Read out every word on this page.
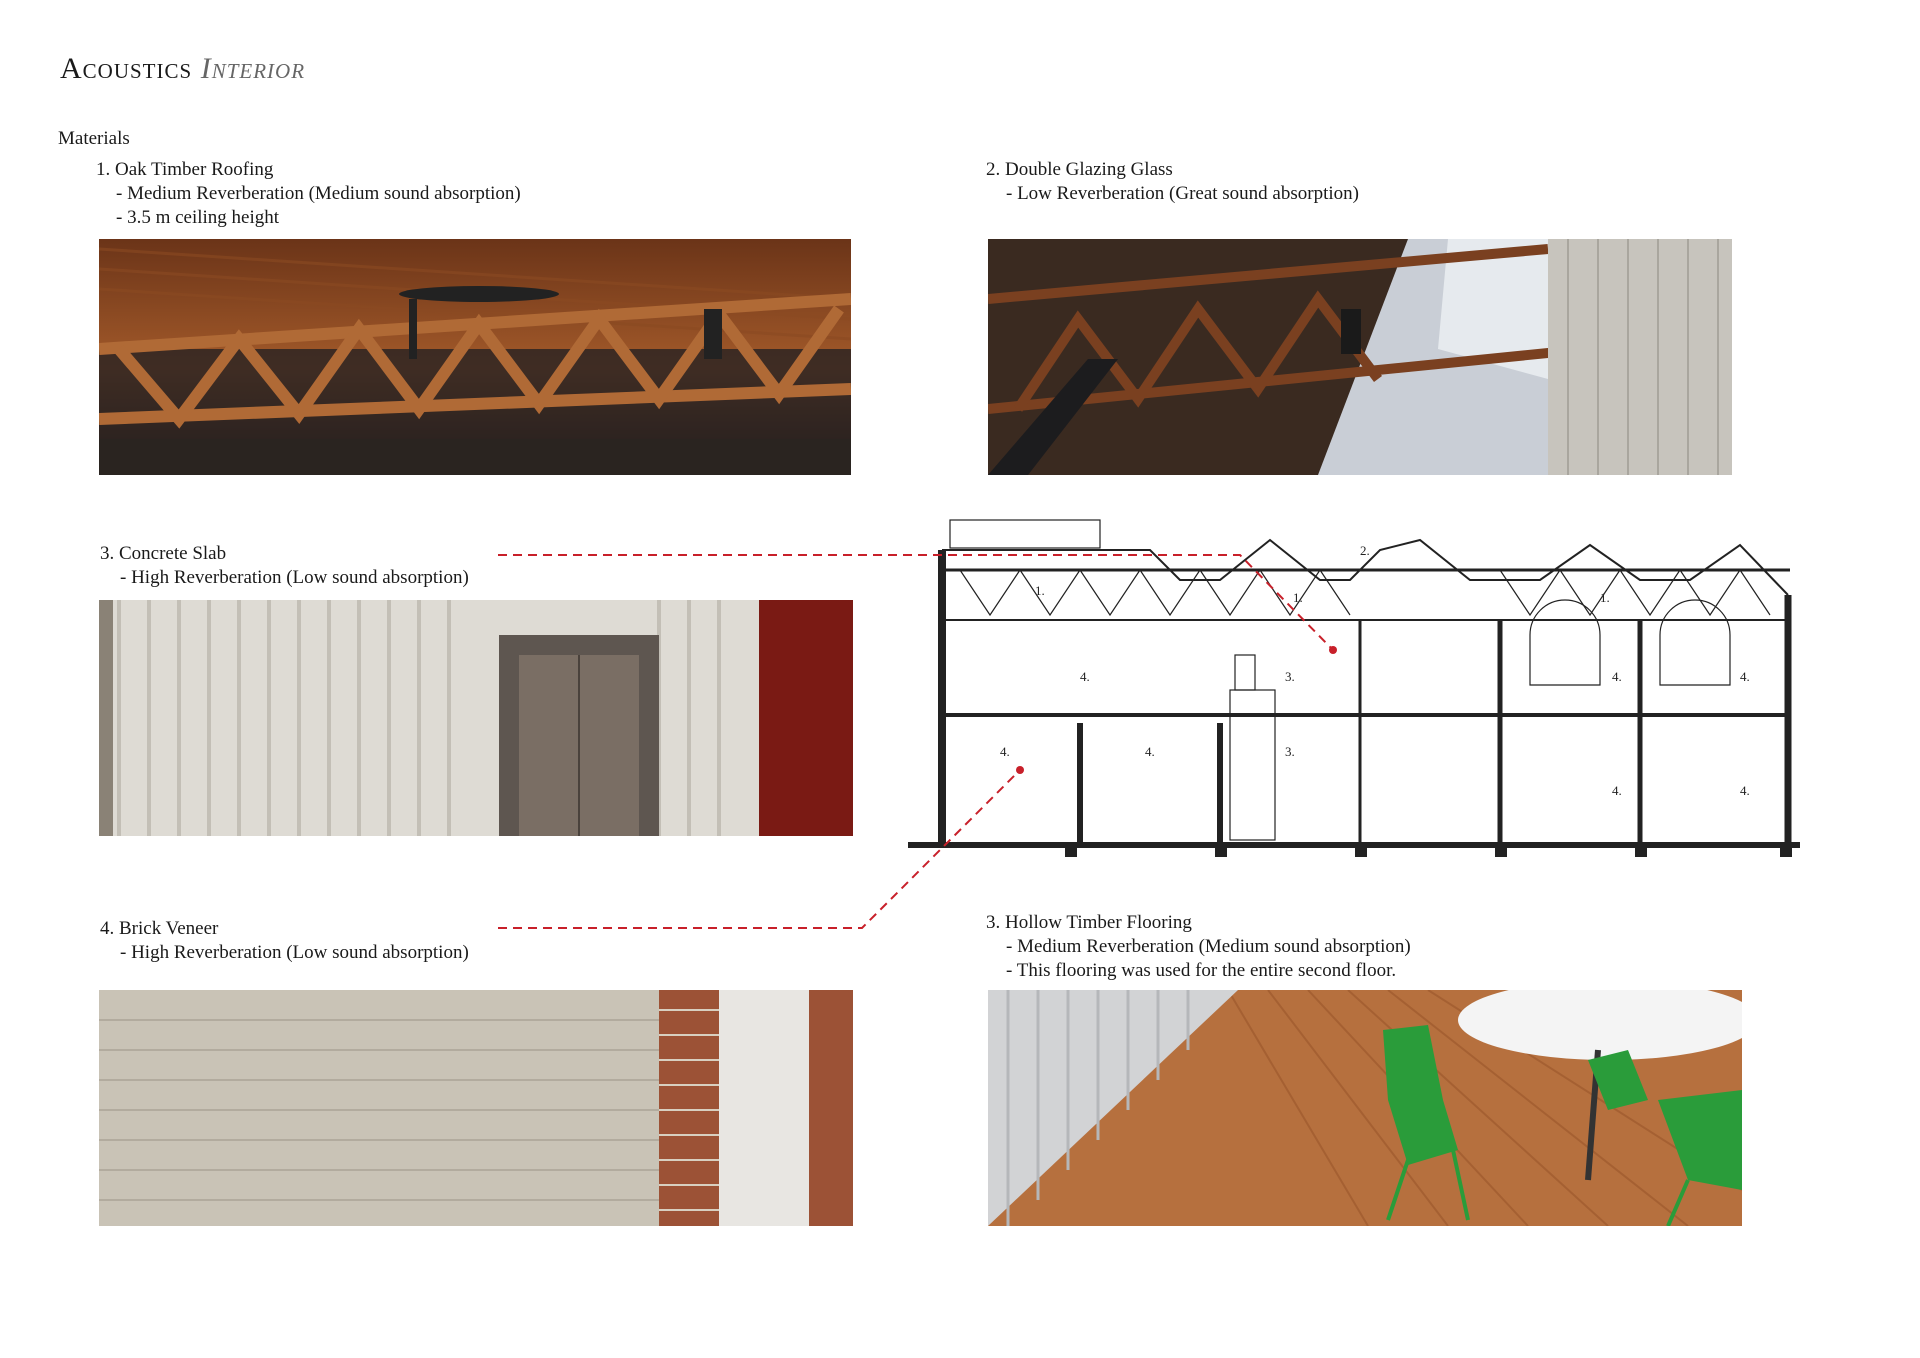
Acoustics Interior
Materials
1. Oak Timber Roofing
- Medium Reverberation (Medium sound absorption)
- 3.5 m ceiling height
2. Double Glazing Glass
- Low Reverberation (Great sound absorption)
3. Concrete Slab
- High Reverberation (Low sound absorption)
4. Brick Veneer
- High Reverberation (Low sound absorption)
3. Hollow Timber Flooring
- Medium Reverberation (Medium sound absorption)
- This flooring was used for the entire second floor.
1.	1.	1.
2.
3.
3.
4.
4.	4.
4.	4.
4.	4.
